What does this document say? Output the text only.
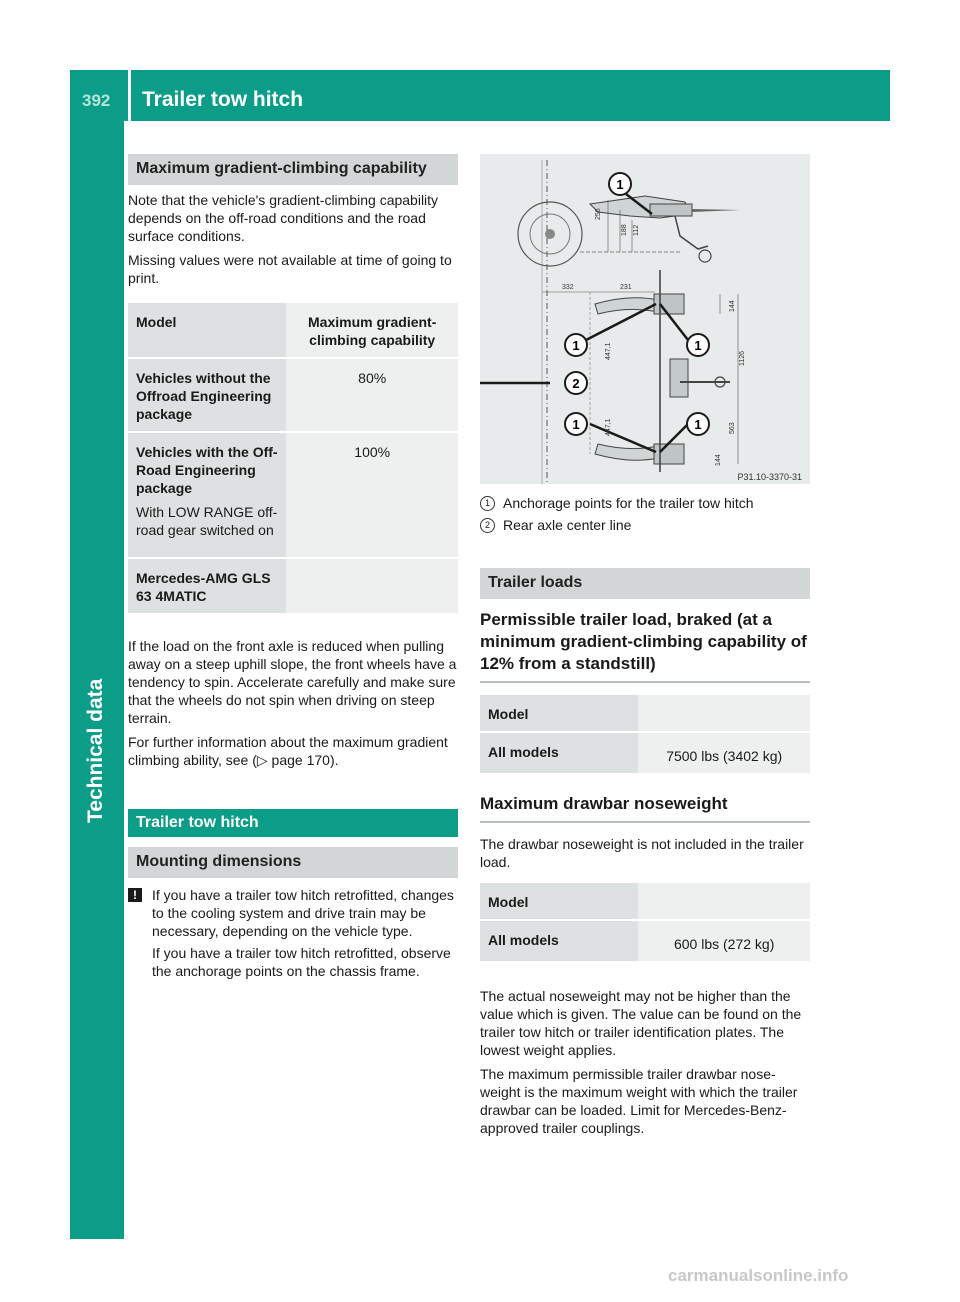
392 Trailer tow hitch
Technical data
Maximum gradient-climbing capability

Note that the vehicle's gradient-climbing capability depends on the off-road conditions and the road surface conditions.

Missing values were not available at time of going to print.

Model	Maximum gradient-climbing capability
Vehicles without the Offroad Engineering package	80%
Vehicles with the Off-Road Engineering package
With LOW RANGE off-road gear switched on	100%
Mercedes-AMG GLS 63 4MATIC	

If the load on the front axle is reduced when pulling away on a steep uphill slope, the front wheels have a tendency to spin. Accelerate carefully and make sure that the wheels do not spin when driving on steep terrain.

For further information about the maximum gradient climbing ability, see (▷ page 170).

Trailer tow hitch
Mounting dimensions
!	If you have a trailer tow hitch retrofitted, changes to the cooling system and drive train may be necessary, depending on the vehicle type.
If you have a trailer tow hitch retrofitted, observe the anchorage points on the chassis frame.
256
188 112
332	231
144
447,1	1126
447,1	563
144
1
1	1
2
1	1
P31.10-3370-31
1 Anchorage points for the trailer tow hitch
2 Rear axle center line
Trailer loads
Permissible trailer load, braked (at a minimum gradient-climbing capability of 12% from a standstill)
Model	
All models	7500 lbs (3402 kg)
Maximum drawbar noseweight

The drawbar noseweight is not included in the trailer load.

Model	
All models	600 lbs (272 kg)

The actual noseweight may not be higher than the value which is given. The value can be found on the trailer tow hitch or trailer identification plates. The lowest weight applies.

The maximum permissible trailer drawbar noseweight is the maximum weight with which the trailer drawbar can be loaded. Limit for Mercedes-Benz-approved trailer couplings.

carmanualsonline.info
